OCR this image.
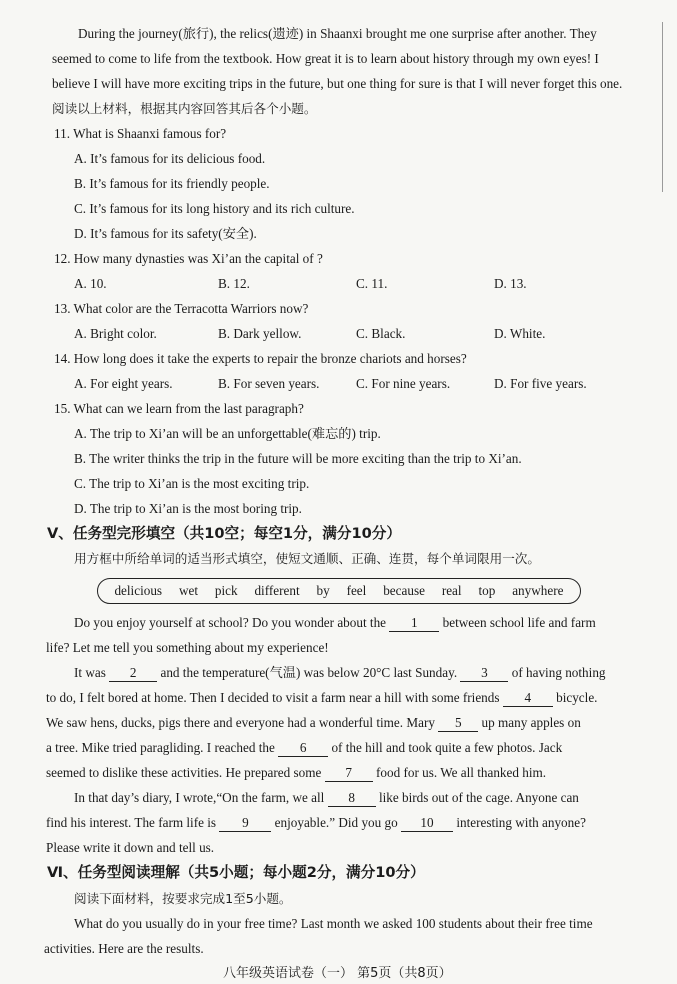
During the journey(旅行), the relics(遗迹) in Shaanxi brought me one surprise after another. They
seemed to come to life from the textbook. How great it is to learn about history through my own eyes! I
believe I will have more exciting trips in the future, but one thing for sure is that I will never forget this one.
阅读以上材料，根据其内容回答其后各个小题。
11. What is Shaanxi famous for?
A. It’s famous for its delicious food.
B. It’s famous for its friendly people.
C. It’s famous for its long history and its rich culture.
D. It’s famous for its safety(安全).
12. How many dynasties was Xi’an the capital of ?
A. 10.	B. 12.	C. 11.	D. 13.
13. What color are the Terracotta Warriors now?
A. Bright color.	B. Dark yellow.	C. Black.	D. White.
14. How long does it take the experts to repair the bronze chariots and horses?
A. For eight years.	B. For seven years.	C. For nine years.	D. For five years.
15. What can we learn from the last paragraph?
A. The trip to Xi’an will be an unforgettable(难忘的) trip.
B. The writer thinks the trip in the future will be more exciting than the trip to Xi’an.
C. The trip to Xi’an is the most exciting trip.
D. The trip to Xi’an is the most boring trip.
Ⅴ、任务型完形填空（共10空；每空1分，满分10分）
用方框中所给单词的适当形式填空，使短文通顺、正确、连贯，每个单词限用一次。
delicious wet pick different by feel because real top anywhere
Do you enjoy yourself at school? Do you wonder about the 1 between school life and farm
life? Let me tell you something about my experience!
It was 2 and the temperature(气温) was below 20°C last Sunday. 3 of having nothing
to do, I felt bored at home. Then I decided to visit a farm near a hill with some friends 4 bicycle.
We saw hens, ducks, pigs there and everyone had a wonderful time. Mary 5 up many apples on
a tree. Mike tried paragliding. I reached the 6 of the hill and took quite a few photos. Jack
seemed to dislike these activities. He prepared some 7 food for us. We all thanked him.
In that day’s diary, I wrote,“On the farm, we all 8 like birds out of the cage. Anyone can
find his interest. The farm life is 9 enjoyable.” Did you go 10 interesting with anyone?
Please write it down and tell us.
Ⅵ、任务型阅读理解（共5小题；每小题2分，满分10分）
阅读下面材料，按要求完成1至5小题。
What do you usually do in your free time? Last month we asked 100 students about their free time
activities. Here are the results.
八年级英语试卷（一） 第5页（共8页）
